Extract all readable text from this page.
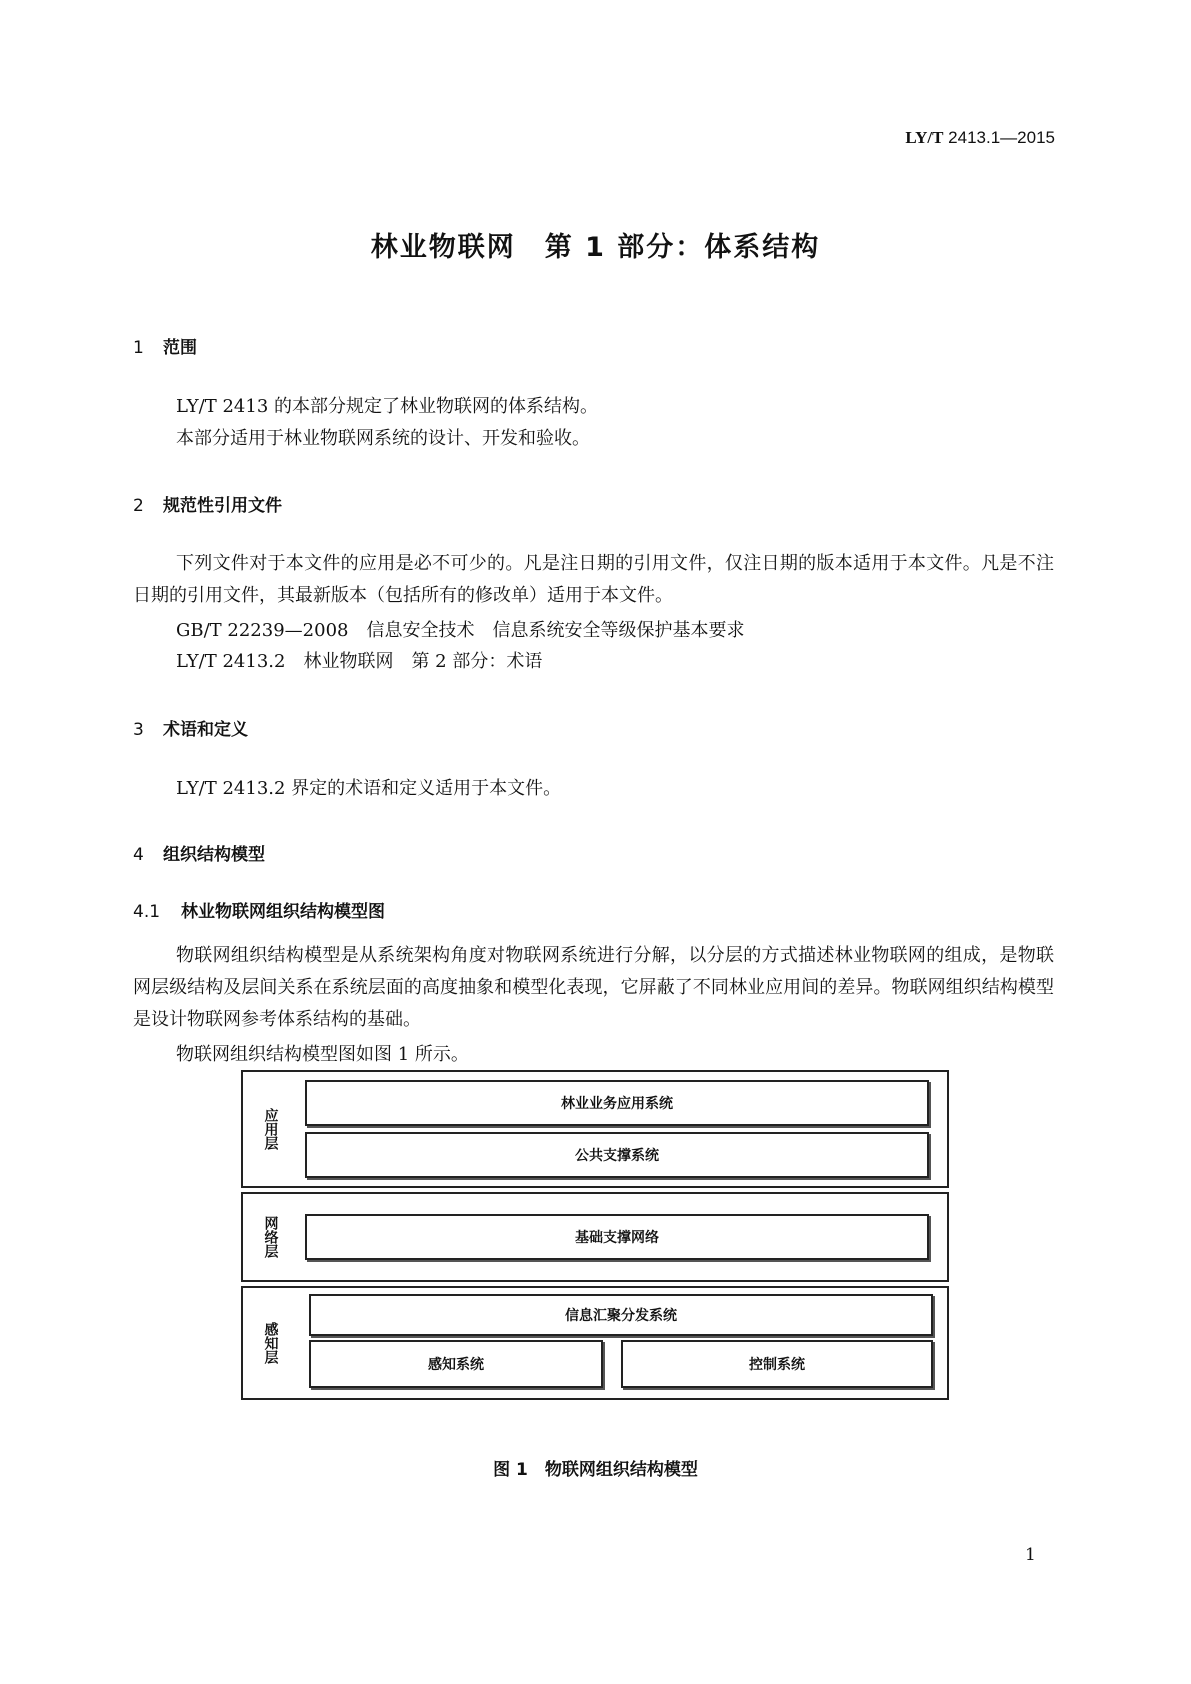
LY/T 2413.1—2015
林业物联网　第 1 部分：体系结构
1 范围
LY/T 2413 的本部分规定了林业物联网的体系结构。
本部分适用于林业物联网系统的设计、开发和验收。
2 规范性引用文件
下列文件对于本文件的应用是必不可少的。凡是注日期的引用文件，仅注日期的版本适用于本文件。凡是不注日期的引用文件，其最新版本（包括所有的修改单）适用于本文件。
GB/T 22239—2008　信息安全技术　信息系统安全等级保护基本要求
LY/T 2413.2　林业物联网　第 2 部分：术语
3 术语和定义
LY/T 2413.2 界定的术语和定义适用于本文件。
4 组织结构模型
4.1 林业物联网组织结构模型图
物联网组织结构模型是从系统架构角度对物联网系统进行分解，以分层的方式描述林业物联网的组成，是物联网层级结构及层间关系在系统层面的高度抽象和模型化表现，它屏蔽了不同林业应用间的差异。物联网组织结构模型是设计物联网参考体系结构的基础。
物联网组织结构模型图如图 1 所示。
应用层
林业业务应用系统
公共支撑系统
网络层	基础支撑网络
感知层
信息汇聚分发系统
感知系统	控制系统
图 1　物联网组织结构模型
1
